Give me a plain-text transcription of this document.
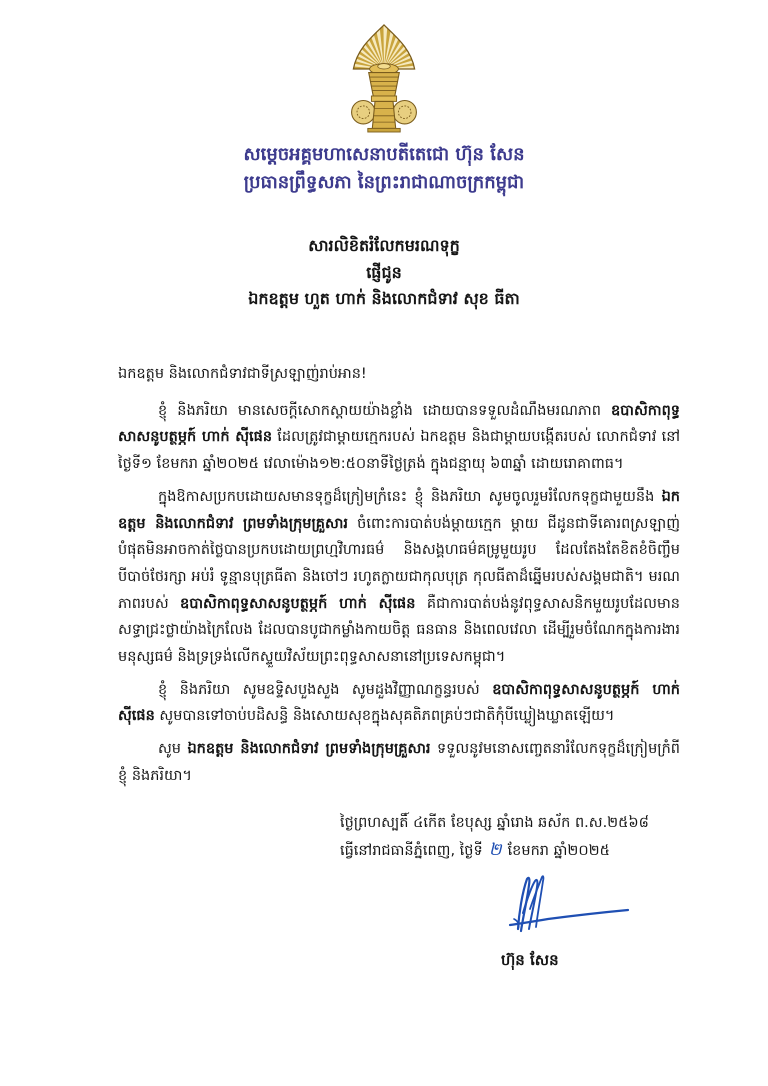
សម្ដេចអគ្គមហាសេនាបតីតេជោ ហ៊ុន សែន
ប្រធានព្រឹទ្ធសភា នៃព្រះរាជាណាចក្រកម្ពុជា
សារលិខិតរំលែកមរណទុក្ខ
ផ្ញើជូន
ឯកឧត្តម ហួត ហាក់ និងលោកជំទាវ សុខ ធីតា

ឯកឧត្តម និងលោកជំទាវជាទីស្រឡាញ់រាប់អាន!

ខ្ញុំ និងភរិយា មានសេចក្ដីសោកស្ដាយយ៉ាងខ្លាំង ដោយបានទទួលដំណឹងមរណភាព ឧបាសិកាពុទ្ធសាសនូបត្ថម្ភក៍ ហាក់ ស៊ីផេន ដែលត្រូវជាម្ដាយក្មេករបស់ ឯកឧត្តម និងជាម្ដាយបង្កើតរបស់ លោកជំទាវ នៅថ្ងៃទី១ ខែមករា ឆ្នាំ២០២៥ វេលាម៉ោង១២:៥០នាទីថ្ងៃត្រង់ ក្នុងជន្មាយុ ៦៣ឆ្នាំ ដោយរោគាពាធ។

ក្នុងឱកាសប្រកបដោយសមានទុក្ខដ៏ក្រៀមក្រំនេះ ខ្ញុំ និងភរិយា សូមចូលរួមរំលែកទុក្ខជាមួយនឹង ឯកឧត្តម និងលោកជំទាវ ព្រមទាំងក្រុមគ្រួសារ ចំពោះការបាត់បង់ម្ដាយក្មេក ម្ដាយ ជីដូនជាទីគោរពស្រឡាញ់បំផុតមិនអាចកាត់ថ្លៃបានប្រកបដោយព្រហ្មវិហារធម៌ និងសង្គហធម៌គម្រូមួយរូប ដែលតែងតែខិតខំចិញ្ចឹមបីបាច់ថែរក្សា អប់រំ ទូន្មានបុត្រធីតា និងចៅៗ រហូតក្លាយជាកុលបុត្រ កុលធីតាដ៏ឆ្នើមរបស់សង្គមជាតិ។ មរណភាពរបស់ ឧបាសិកាពុទ្ធសាសនូបត្ថម្ភក៍ ហាក់ ស៊ីផេន គឺជាការបាត់បង់នូវពុទ្ធសាសនិកមួយរូបដែលមានសទ្ធាជ្រះថ្លាយ៉ាងក្រៃលែង ដែលបានបូជាកម្លាំងកាយចិត្ត ធនធាន និងពេលវេលា ដើម្បីរួមចំណែកក្នុងការងារមនុស្សធម៌ និងទ្រទ្រង់លើកស្ទួយវិស័យព្រះពុទ្ធសាសនានៅប្រទេសកម្ពុជា។

ខ្ញុំ និងភរិយា សូមឧទ្ទិសបួងសួង សូមដួងវិញ្ញាណក្ខន្ធរបស់ ឧបាសិកាពុទ្ធសាសនូបត្ថម្ភក៍ ហាក់ ស៊ីផេន សូមបានទៅចាប់បដិសន្ធិ និងសោយសុខក្នុងសុគតិភពគ្រប់ៗជាតិកុំបីឃ្លៀងឃ្លាតឡើយ។

សូម ឯកឧត្តម និងលោកជំទាវ ព្រមទាំងក្រុមគ្រួសារ ទទួលនូវមនោសញ្ចេតនារំលែកទុក្ខដ៏ក្រៀមក្រំពីខ្ញុំ និងភរិយា។

ថ្ងៃព្រហស្បតិ៍ ៤កើត ខែបុស្ស ឆ្នាំរោង ឆស័ក ព.ស.២៥៦៨
ធ្វើនៅរាជធានីភ្នំពេញ, ថ្ងៃទី ២ ខែមករា ឆ្នាំ២០២៥
ហ៊ុន សែន
